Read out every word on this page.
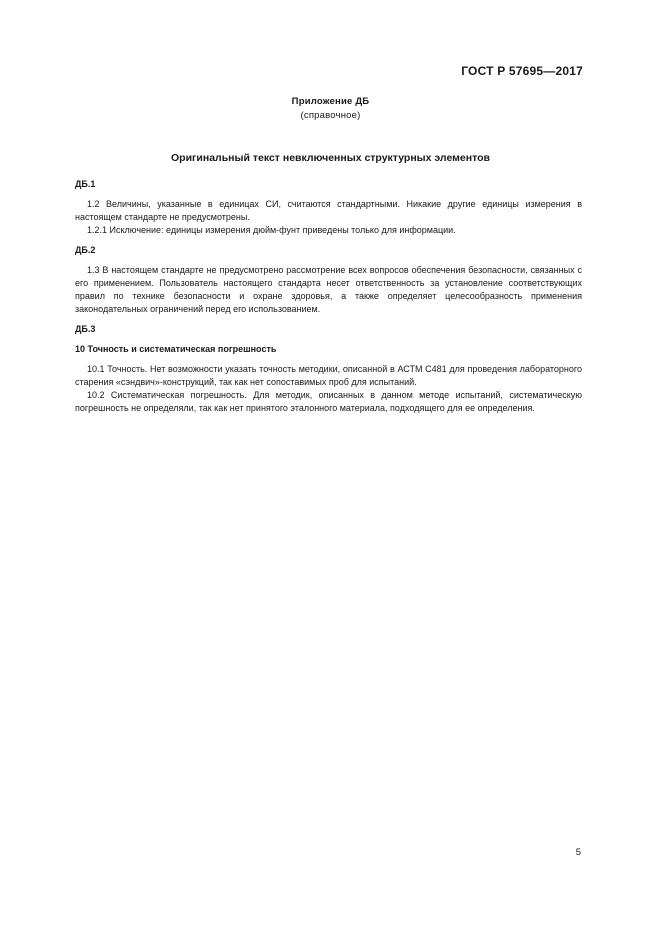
ГОСТ Р 57695—2017
Приложение ДБ
(справочное)
Оригинальный текст невключенных структурных элементов
ДБ.1

1.2 Величины, указанные в единицах СИ, считаются стандартными. Никакие другие единицы измерения в настоящем стандарте не предусмотрены.

1.2.1 Исключение: единицы измерения дюйм-фунт приведены только для информации.

ДБ.2

1.3 В настоящем стандарте не предусмотрено рассмотрение всех вопросов обеспечения безопасности, связанных с его применением. Пользователь настоящего стандарта несет ответственность за установление соответствующих правил по технике безопасности и охране здоровья, а также определяет целесообразность применения законодательных ограничений перед его использованием.

ДБ.3
10 Точность и систематическая погрешность

10.1 Точность. Нет возможности указать точность методики, описанной в АСТМ С481 для проведения лабораторного старения «сэндвич»-конструкций, так как нет сопоставимых проб для испытаний.

10.2 Систематическая погрешность. Для методик, описанных в данном методе испытаний, систематическую погрешность не определяли, так как нет принятого эталонного материала, подходящего для ее определения.

5
